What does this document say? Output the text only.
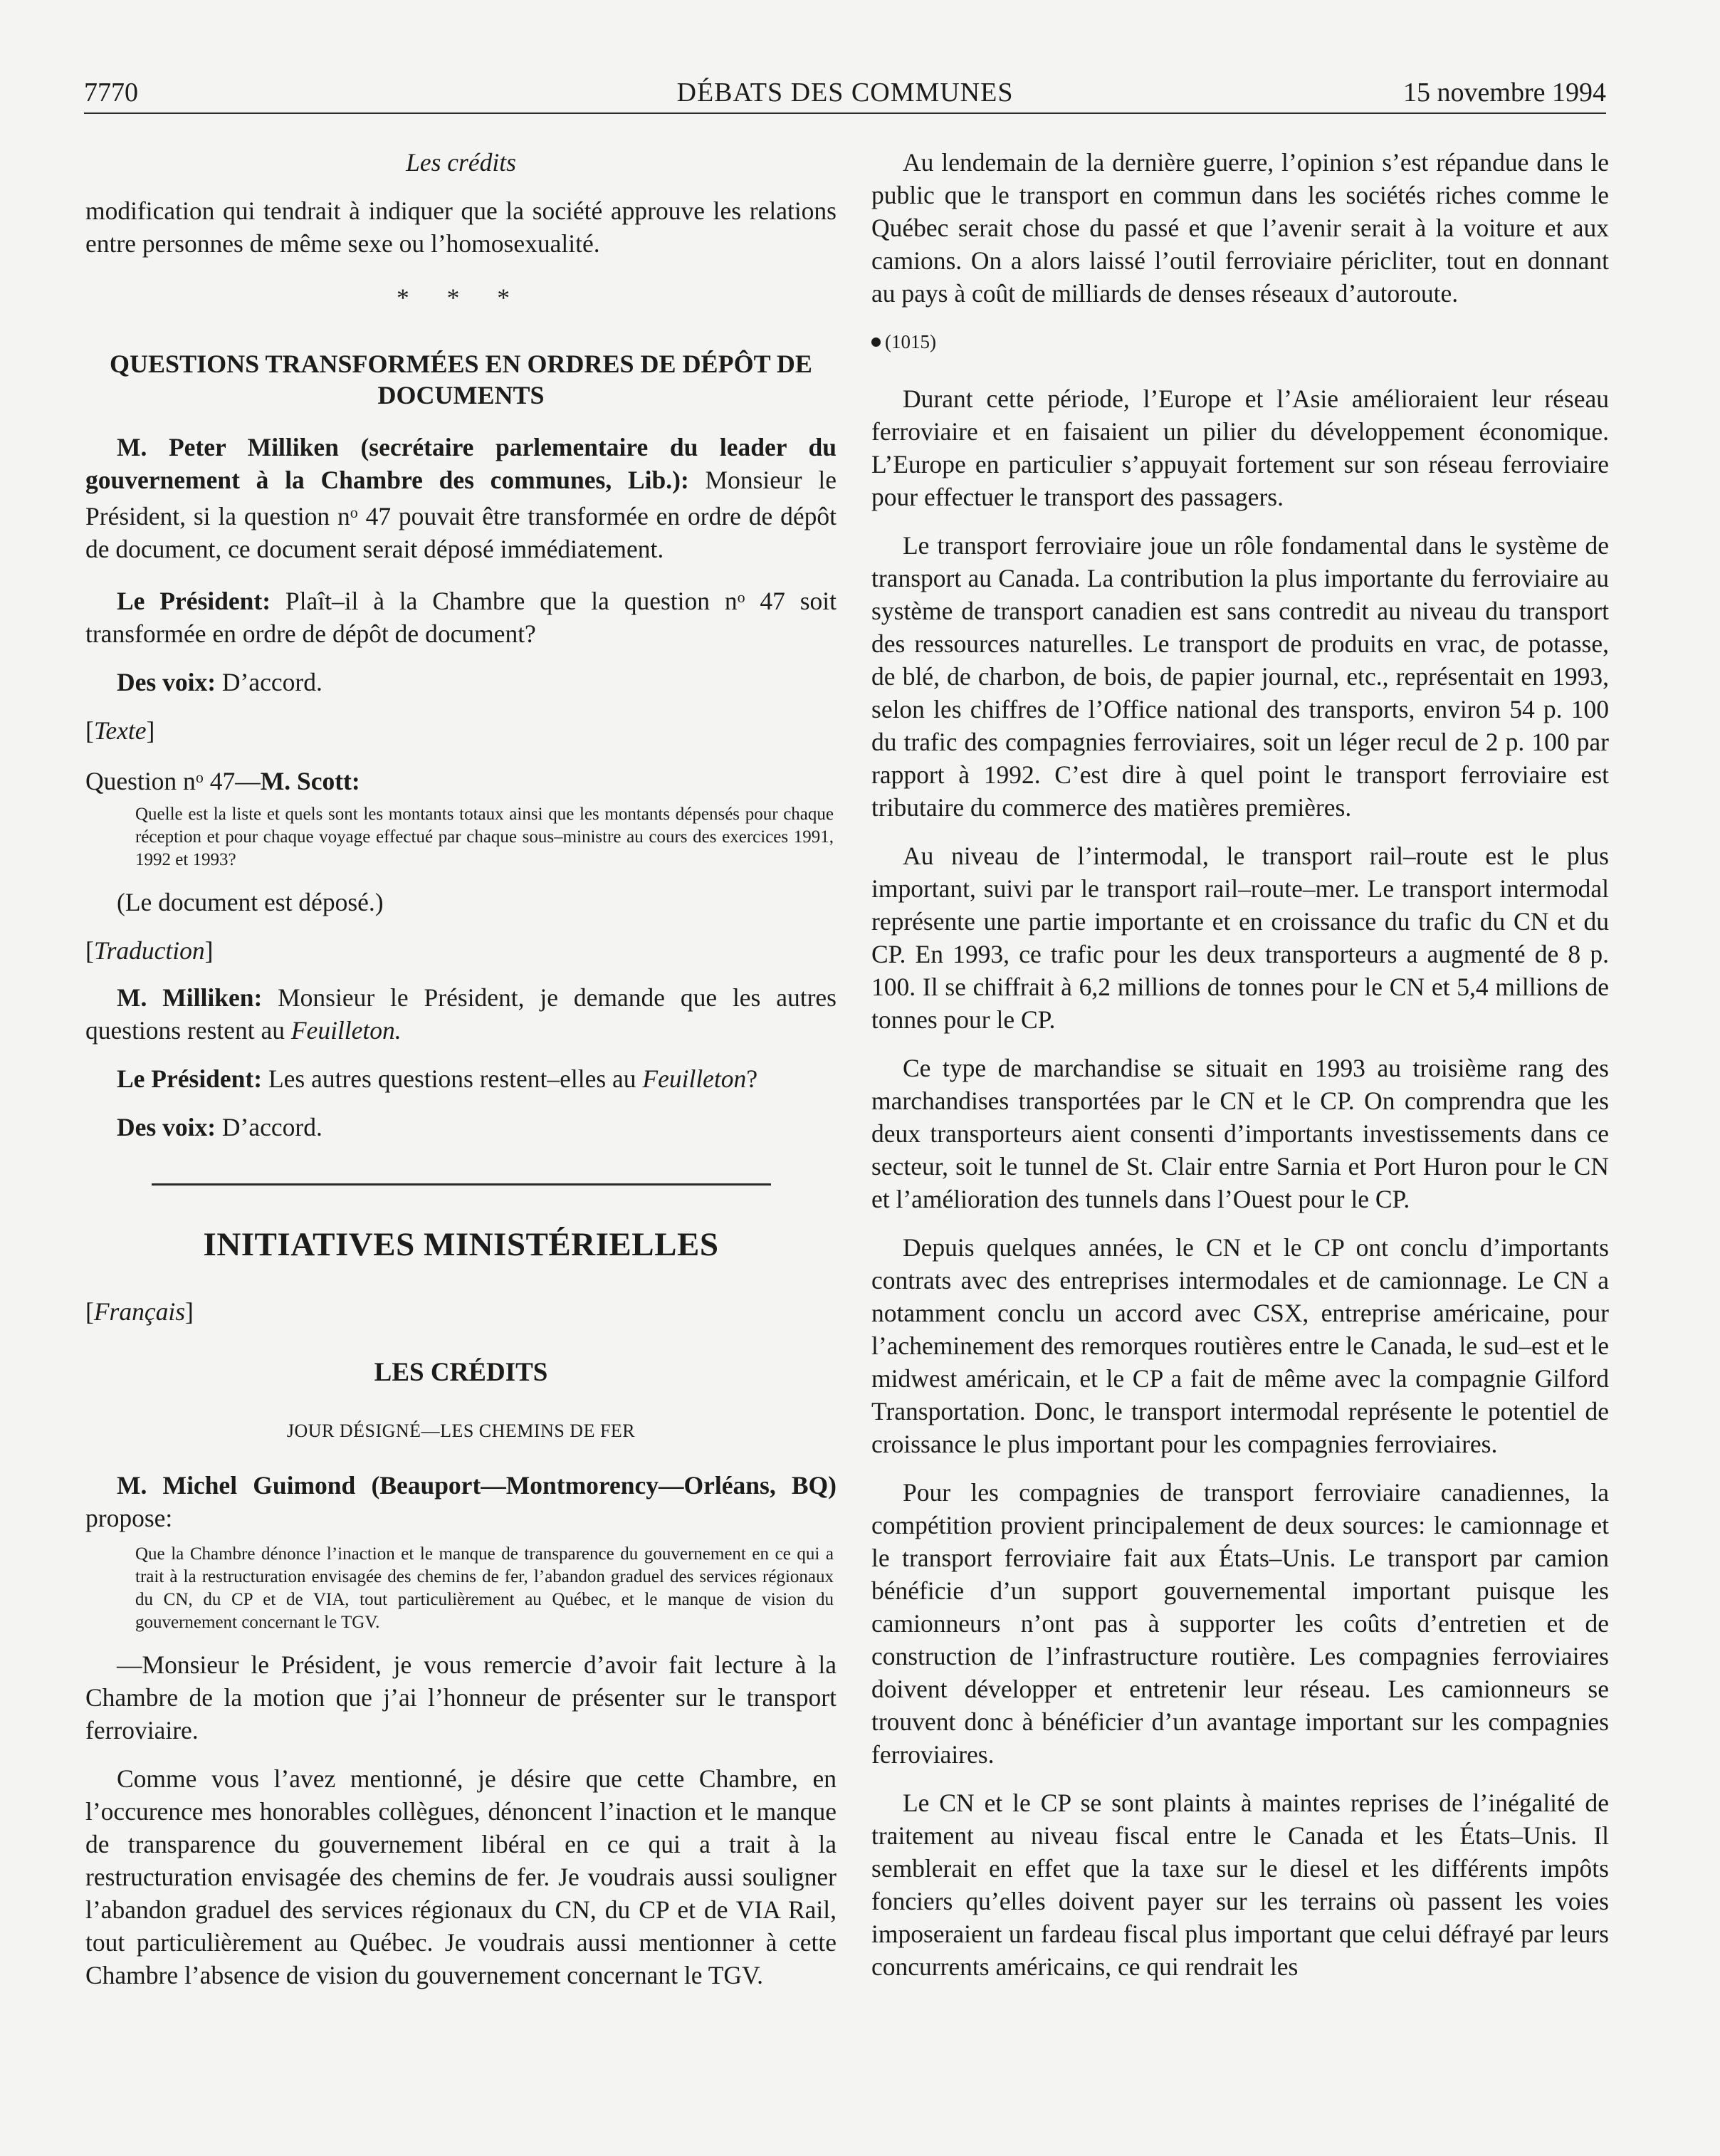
7770	DÉBATS DES COMMUNES	15 novembre 1994
Les crédits

modification qui tendrait à indiquer que la société approuve les relations entre personnes de même sexe ou l’homosexualité.

* * *
QUESTIONS TRANSFORMÉES EN ORDRES DE DÉPÔT DE DOCUMENTS

M. Peter Milliken (secrétaire parlementaire du leader du gouvernement à la Chambre des communes, Lib.): Monsieur le Président, si la question $n^o$ 47 pouvait être transformée en ordre de dépôt de document, ce document serait déposé immédiatement.

Le Président: Plaît–il à la Chambre que la question $n^o$ 47 soit transformée en ordre de dépôt de document?

Des voix: D’accord.

[Texte]

Question $n^o$ 47—M. Scott:

Quelle est la liste et quels sont les montants totaux ainsi que les montants dépensés pour chaque réception et pour chaque voyage effectué par chaque sous–ministre au cours des exercices 1991, 1992 et 1993?

(Le document est déposé.)

[Traduction]

M. Milliken: Monsieur le Président, je demande que les autres questions restent au Feuilleton.

Le Président: Les autres questions restent–elles au Feuilleton?

Des voix: D’accord.

INITIATIVES MINISTÉRIELLES
[Français]
LES CRÉDITS
JOUR DÉSIGNÉ—LES CHEMINS DE FER

M. Michel Guimond (Beauport—Montmorency—Orléans, BQ) propose:

Que la Chambre dénonce l’inaction et le manque de transparence du gouvernement en ce qui a trait à la restructuration envisagée des chemins de fer, l’abandon graduel des services régionaux du CN, du CP et de VIA, tout particulièrement au Québec, et le manque de vision du gouvernement concernant le TGV.

—Monsieur le Président, je vous remercie d’avoir fait lecture à la Chambre de la motion que j’ai l’honneur de présenter sur le transport ferroviaire.

Comme vous l’avez mentionné, je désire que cette Chambre, en l’occurence mes honorables collègues, dénoncent l’inaction et le manque de transparence du gouvernement libéral en ce qui a trait à la restructuration envisagée des chemins de fer. Je voudrais aussi souligner l’abandon graduel des services régionaux du CN, du CP et de VIA Rail, tout particulièrement au Québec. Je voudrais aussi mentionner à cette Chambre l’absence de vision du gouvernement concernant le TGV.

Au lendemain de la dernière guerre, l’opinion s’est répandue dans le public que le transport en commun dans les sociétés riches comme le Québec serait chose du passé et que l’avenir serait à la voiture et aux camions. On a alors laissé l’outil ferroviaire péricliter, tout en donnant au pays à coût de milliards de denses réseaux d’autoroute.

(1015)

Durant cette période, l’Europe et l’Asie amélioraient leur réseau ferroviaire et en faisaient un pilier du développement économique. L’Europe en particulier s’appuyait fortement sur son réseau ferroviaire pour effectuer le transport des passagers.

Le transport ferroviaire joue un rôle fondamental dans le système de transport au Canada. La contribution la plus importante du ferroviaire au système de transport canadien est sans contredit au niveau du transport des ressources naturelles. Le transport de produits en vrac, de potasse, de blé, de charbon, de bois, de papier journal, etc., représentait en 1993, selon les chiffres de l’Office national des transports, environ 54 p. 100 du trafic des compagnies ferroviaires, soit un léger recul de 2 p. 100 par rapport à 1992. C’est dire à quel point le transport ferroviaire est tributaire du commerce des matières premières.

Au niveau de l’intermodal, le transport rail–route est le plus important, suivi par le transport rail–route–mer. Le transport intermodal représente une partie importante et en croissance du trafic du CN et du CP. En 1993, ce trafic pour les deux transporteurs a augmenté de 8 p. 100. Il se chiffrait à 6,2 millions de tonnes pour le CN et 5,4 millions de tonnes pour le CP.

Ce type de marchandise se situait en 1993 au troisième rang des marchandises transportées par le CN et le CP. On comprendra que les deux transporteurs aient consenti d’importants investissements dans ce secteur, soit le tunnel de St. Clair entre Sarnia et Port Huron pour le CN et l’amélioration des tunnels dans l’Ouest pour le CP.

Depuis quelques années, le CN et le CP ont conclu d’importants contrats avec des entreprises intermodales et de camionnage. Le CN a notamment conclu un accord avec CSX, entreprise américaine, pour l’acheminement des remorques routières entre le Canada, le sud–est et le midwest américain, et le CP a fait de même avec la compagnie Gilford Transportation. Donc, le transport intermodal représente le potentiel de croissance le plus important pour les compagnies ferroviaires.

Pour les compagnies de transport ferroviaire canadiennes, la compétition provient principalement de deux sources: le camionnage et le transport ferroviaire fait aux États–Unis. Le transport par camion bénéficie d’un support gouvernemental important puisque les camionneurs n’ont pas à supporter les coûts d’entretien et de construction de l’infrastructure routière. Les compagnies ferroviaires doivent développer et entretenir leur réseau. Les camionneurs se trouvent donc à bénéficier d’un avantage important sur les compagnies ferroviaires.

Le CN et le CP se sont plaints à maintes reprises de l’inégalité de traitement au niveau fiscal entre le Canada et les États–Unis. Il semblerait en effet que la taxe sur le diesel et les différents impôts fonciers qu’elles doivent payer sur les terrains où passent les voies imposeraient un fardeau fiscal plus important que celui défrayé par leurs concurrents américains, ce qui rendrait les
